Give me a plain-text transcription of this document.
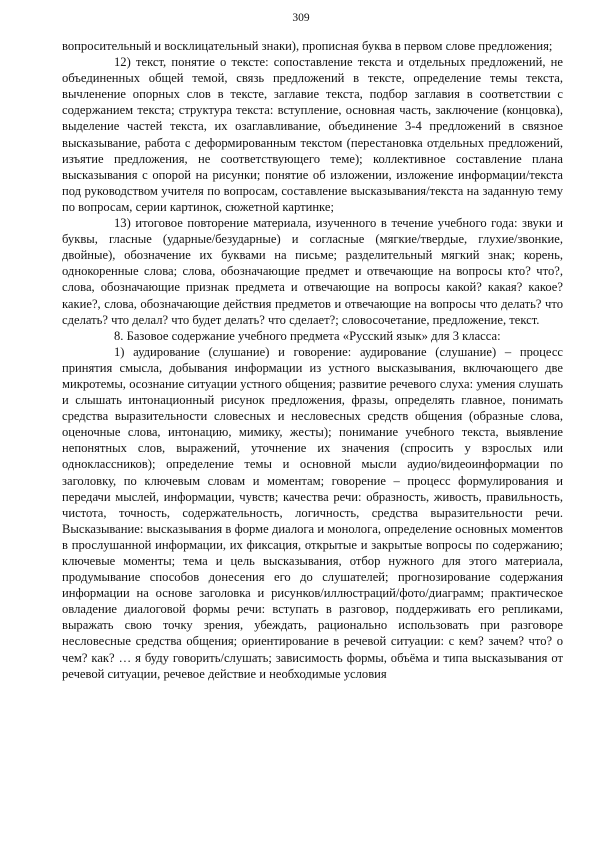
309

вопросительный и восклицательный знаки), прописная буква в первом слове предложения;

12) текст, понятие о тексте: сопоставление текста и отдельных предложений, не объединенных общей темой, связь предложений в тексте, определение темы текста, вычленение опорных слов в тексте, заглавие текста, подбор заглавия в соответствии с содержанием текста; структура текста: вступление, основная часть, заключение (концовка), выделение частей текста, их озаглавливание, объединение 3-4 предложений в связное высказывание, работа с деформированным текстом (перестановка отдельных предложений, изъятие предложения, не соответствующего теме); коллективное составление плана высказывания с опорой на рисунки; понятие об изложении, изложение информации/текста под руководством учителя по вопросам, составление высказывания/текста на заданную тему по вопросам, серии картинок, сюжетной картинке;

13) итоговое повторение материала, изученного в течение учебного года: звуки и буквы, гласные (ударные/безударные) и согласные (мягкие/твердые, глухие/звонкие, двойные), обозначение их буквами на письме; разделительный мягкий знак; корень, однокоренные слова; слова, обозначающие предмет и отвечающие на вопросы кто? что?, слова, обозначающие признак предмета и отвечающие на вопросы какой? какая? какое? какие?, слова, обозначающие действия предметов и отвечающие на вопросы что делать? что сделать? что делал? что будет делать? что сделает?; словосочетание, предложение, текст.

8. Базовое содержание учебного предмета «Русский язык» для 3 класса:

1) аудирование (слушание) и говорение: аудирование (слушание) – процесс принятия смысла, добывания информации из устного высказывания, включающего две микротемы, осознание ситуации устного общения; развитие речевого слуха: умения слушать и слышать интонационный рисунок предложения, фразы, определять главное, понимать средства выразительности словесных и несловесных средств общения (образные слова, оценочные слова, интонацию, мимику, жесты); понимание учебного текста, выявление непонятных слов, выражений, уточнение их значения (спросить у взрослых или одноклассников); определение темы и основной мысли аудио/видеоинформации по заголовку, по ключевым словам и моментам; говорение – процесс формулирования и передачи мыслей, информации, чувств; качества речи: образность, живость, правильность, чистота, точность, содержательность, логичность, средства выразительности речи. Высказывание: высказывания в форме диалога и монолога, определение основных моментов в прослушанной информации, их фиксация, открытые и закрытые вопросы по содержанию; ключевые моменты; тема и цель высказывания, отбор нужного для этого материала, продумывание способов донесения его до слушателей; прогнозирование содержания информации на основе заголовка и рисунков/иллюстраций/фото/диаграмм; практическое овладение диалоговой формы речи: вступать в разговор, поддерживать его репликами, выражать свою точку зрения, убеждать, рационально использовать при разговоре несловесные средства общения; ориентирование в речевой ситуации: с кем? зачем? что? о чем? как? … я буду говорить/слушать; зависимость формы, объёма и типа высказывания от речевой ситуации, речевое действие и необходимые условия
